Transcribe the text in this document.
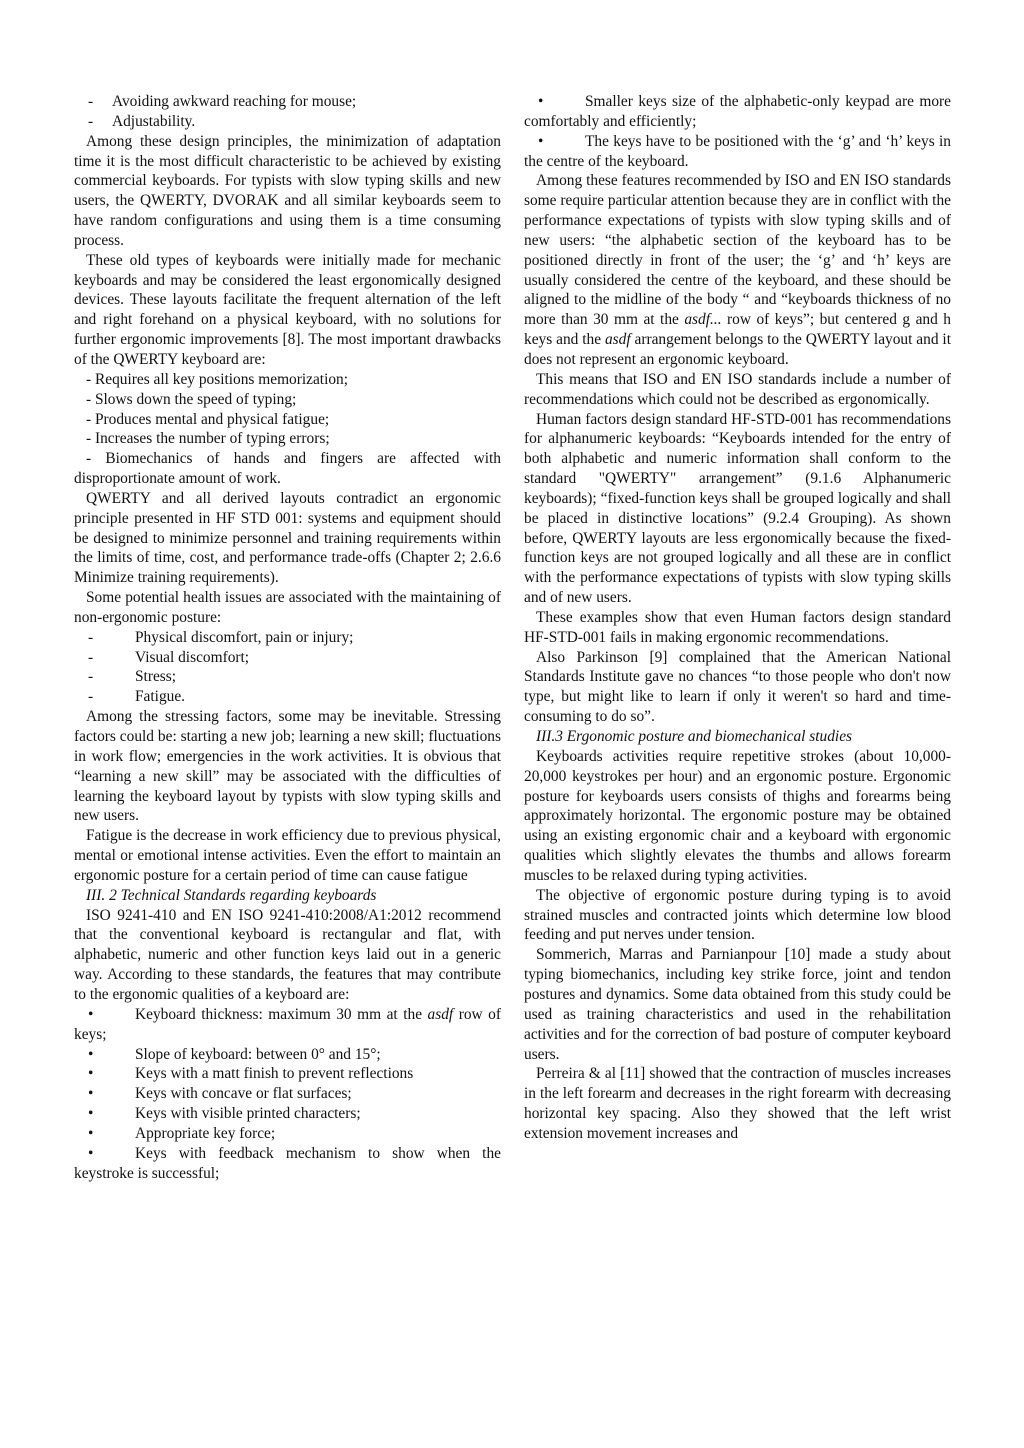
- Avoiding awkward reaching for mouse;
- Adjustability.

Among these design principles, the minimization of adaptation time it is the most difficult characteristic to be achieved by existing commercial keyboards. For typists with slow typing skills and new users, the QWERTY, DVORAK and all similar keyboards seem to have random configurations and using them is a time consuming process.

These old types of keyboards were initially made for mechanic keyboards and may be considered the least ergonomically designed devices. These layouts facilitate the frequent alternation of the left and right forehand on a physical keyboard, with no solutions for further ergonomic improvements [8]. The most important drawbacks of the QWERTY keyboard are:

- Requires all key positions memorization;

- Slows down the speed of typing;

- Produces mental and physical fatigue;

- Increases the number of typing errors;

- Biomechanics of hands and fingers are affected with disproportionate amount of work.

QWERTY and all derived layouts contradict an ergonomic principle presented in HF STD 001: systems and equipment should be designed to minimize personnel and training requirements within the limits of time, cost, and performance trade-offs (Chapter 2; 2.6.6 Minimize training requirements).

Some potential health issues are associated with the maintaining of non-ergonomic posture:

-	Physical discomfort, pain or injury;
-	Visual discomfort;
-	Stress;
-	Fatigue.

Among the stressing factors, some may be inevitable. Stressing factors could be: starting a new job; learning a new skill; fluctuations in work flow; emergencies in the work activities. It is obvious that “learning a new skill” may be associated with the difficulties of learning the keyboard layout by typists with slow typing skills and new users.

Fatigue is the decrease in work efficiency due to previous physical, mental or emotional intense activities. Even the effort to maintain an ergonomic posture for a certain period of time can cause fatigue

III. 2 Technical Standards regarding keyboards

ISO 9241-410 and EN ISO 9241-410:2008/A1:2012 recommend that the conventional keyboard is rectangular and flat, with alphabetic, numeric and other function keys laid out in a generic way. According to these standards, the features that may contribute to the ergonomic qualities of a keyboard are:

•	Keyboard thickness: maximum 30 mm at the asdf row of keys;

•	Slope of keyboard: between 0° and 15°;

•	Keys with a matt finish to prevent reflections

•	Keys with concave or flat surfaces;

•	Keys with visible printed characters;

•	Appropriate key force;

•	Keys with feedback mechanism to show when the keystroke is successful;

•	Smaller keys size of the alphabetic-only keypad are more comfortably and efficiently;

•	The keys have to be positioned with the ‘g’ and ‘h’ keys in the centre of the keyboard.

Among these features recommended by ISO and EN ISO standards some require particular attention because they are in conflict with the performance expectations of typists with slow typing skills and of new users: “the alphabetic section of the keyboard has to be positioned directly in front of the user; the ‘g’ and ‘h’ keys are usually considered the centre of the keyboard, and these should be aligned to the midline of the body “ and “keyboards thickness of no more than 30 mm at the asdf... row of keys”; but centered g and h keys and the asdf arrangement belongs to the QWERTY layout and it does not represent an ergonomic keyboard.

This means that ISO and EN ISO standards include a number of recommendations which could not be described as ergonomically.

Human factors design standard HF-STD-001 has recommendations for alphanumeric keyboards: “Keyboards intended for the entry of both alphabetic and numeric information shall conform to the standard "QWERTY" arrangement” (9.1.6 Alphanumeric keyboards); “fixed-function keys shall be grouped logically and shall be placed in distinctive locations” (9.2.4 Grouping). As shown before, QWERTY layouts are less ergonomically because the fixed-function keys are not grouped logically and all these are in conflict with the performance expectations of typists with slow typing skills and of new users.

These examples show that even Human factors design standard HF-STD-001 fails in making ergonomic recommendations.

Also Parkinson [9] complained that the American National Standards Institute gave no chances “to those people who don't now type, but might like to learn if only it weren't so hard and time-consuming to do so”.

III.3 Ergonomic posture and biomechanical studies

Keyboards activities require repetitive strokes (about 10,000-20,000 keystrokes per hour) and an ergonomic posture. Ergonomic posture for keyboards users consists of thighs and forearms being approximately horizontal. The ergonomic posture may be obtained using an existing ergonomic chair and a keyboard with ergonomic qualities which slightly elevates the thumbs and allows forearm muscles to be relaxed during typing activities.

The objective of ergonomic posture during typing is to avoid strained muscles and contracted joints which determine low blood feeding and put nerves under tension.

Sommerich, Marras and Parnianpour [10] made a study about typing biomechanics, including key strike force, joint and tendon postures and dynamics. Some data obtained from this study could be used as training characteristics and used in the rehabilitation activities and for the correction of bad posture of computer keyboard users.

Perreira & al [11] showed that the contraction of muscles increases in the left forearm and decreases in the right forearm with decreasing horizontal key spacing. Also they showed that the left wrist extension movement increases and
